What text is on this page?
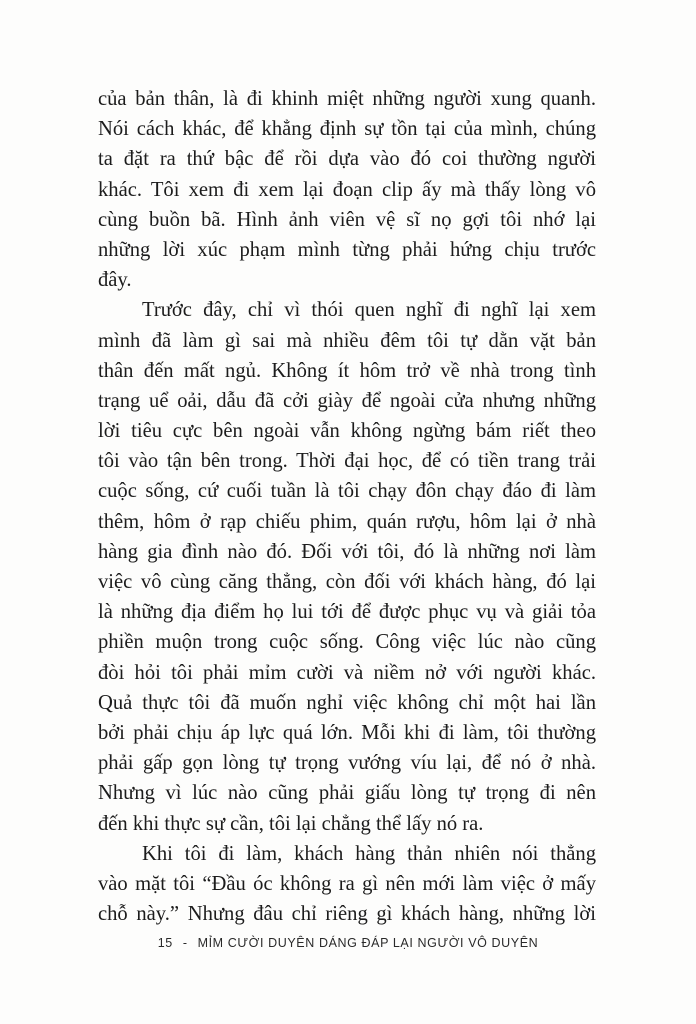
của bản thân, là đi khinh miệt những người xung quanh.
Nói cách khác, để khẳng định sự tồn tại của mình, chúng
ta đặt ra thứ bậc để rồi dựa vào đó coi thường người
khác. Tôi xem đi xem lại đoạn clip ấy mà thấy lòng vô
cùng buồn bã. Hình ảnh viên vệ sĩ nọ gợi tôi nhớ lại
những lời xúc phạm mình từng phải hứng chịu trước
đây.
Trước đây, chỉ vì thói quen nghĩ đi nghĩ lại xem
mình đã làm gì sai mà nhiều đêm tôi tự dằn vặt bản
thân đến mất ngủ. Không ít hôm trở về nhà trong tình
trạng uể oải, dẫu đã cởi giày để ngoài cửa nhưng những
lời tiêu cực bên ngoài vẫn không ngừng bám riết theo
tôi vào tận bên trong. Thời đại học, để có tiền trang trải
cuộc sống, cứ cuối tuần là tôi chạy đôn chạy đáo đi làm
thêm, hôm ở rạp chiếu phim, quán rượu, hôm lại ở nhà
hàng gia đình nào đó. Đối với tôi, đó là những nơi làm
việc vô cùng căng thẳng, còn đối với khách hàng, đó lại
là những địa điểm họ lui tới để được phục vụ và giải tỏa
phiền muộn trong cuộc sống. Công việc lúc nào cũng
đòi hỏi tôi phải mỉm cười và niềm nở với người khác.
Quả thực tôi đã muốn nghỉ việc không chỉ một hai lần
bởi phải chịu áp lực quá lớn. Mỗi khi đi làm, tôi thường
phải gấp gọn lòng tự trọng vướng víu lại, để nó ở nhà.
Nhưng vì lúc nào cũng phải giấu lòng tự trọng đi nên
đến khi thực sự cần, tôi lại chẳng thể lấy nó ra.
Khi tôi đi làm, khách hàng thản nhiên nói thẳng
vào mặt tôi “Đầu óc không ra gì nên mới làm việc ở mấy
chỗ này.” Nhưng đâu chỉ riêng gì khách hàng, những lời
15 - MỈM CƯỜI DUYÊN DÁNG ĐÁP LẠI NGƯỜI VÔ DUYÊN
